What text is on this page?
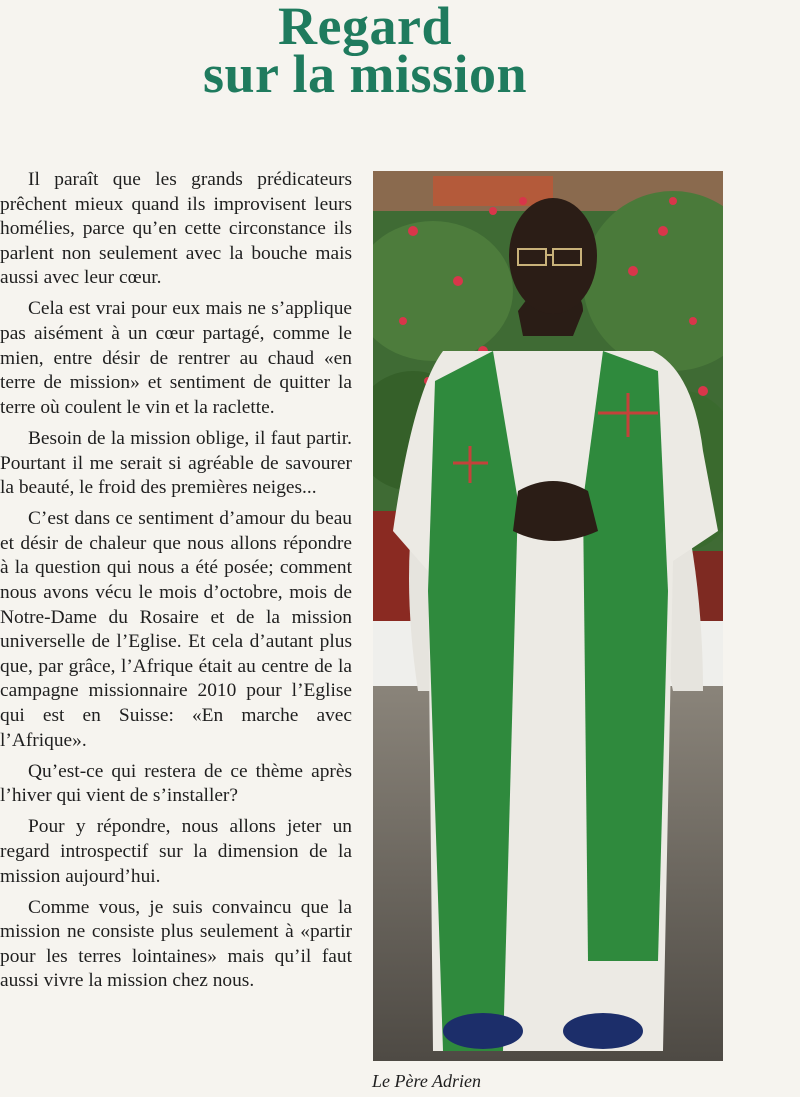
Regard
sur la mission

Il paraît que les grands prédicateurs prêchent mieux quand ils improvisent leurs homélies, parce qu’en cette circonstance ils parlent non seulement avec la bouche mais aussi avec leur cœur.

Cela est vrai pour eux mais ne s’applique pas aisément à un cœur partagé, comme le mien, entre désir de rentrer au chaud «en terre de mission» et sentiment de quitter la terre où coulent le vin et la raclette.

Besoin de la mission oblige, il faut partir. Pourtant il me serait si agréable de savourer la beauté, le froid des premières neiges...

C’est dans ce sentiment d’amour du beau et désir de chaleur que nous allons répondre à la question qui nous a été posée; comment nous avons vécu le mois d’octobre, mois de Notre-Dame du Rosaire et de la mission universelle de l’Eglise. Et cela d’autant plus que, par grâce, l’Afrique était au centre de la campagne missionnaire 2010 pour l’Eglise qui est en Suisse: «En marche avec l’Afrique».

Qu’est-ce qui restera de ce thème après l’hiver qui vient de s’installer?

Pour y répondre, nous allons jeter un regard introspectif sur la dimension de la mission aujourd’hui.

Comme vous, je suis convaincu que la mission ne consiste plus seulement à «partir pour les terres lointaines» mais qu’il faut aussi vivre la mission chez nous.

Le Père Adrien
